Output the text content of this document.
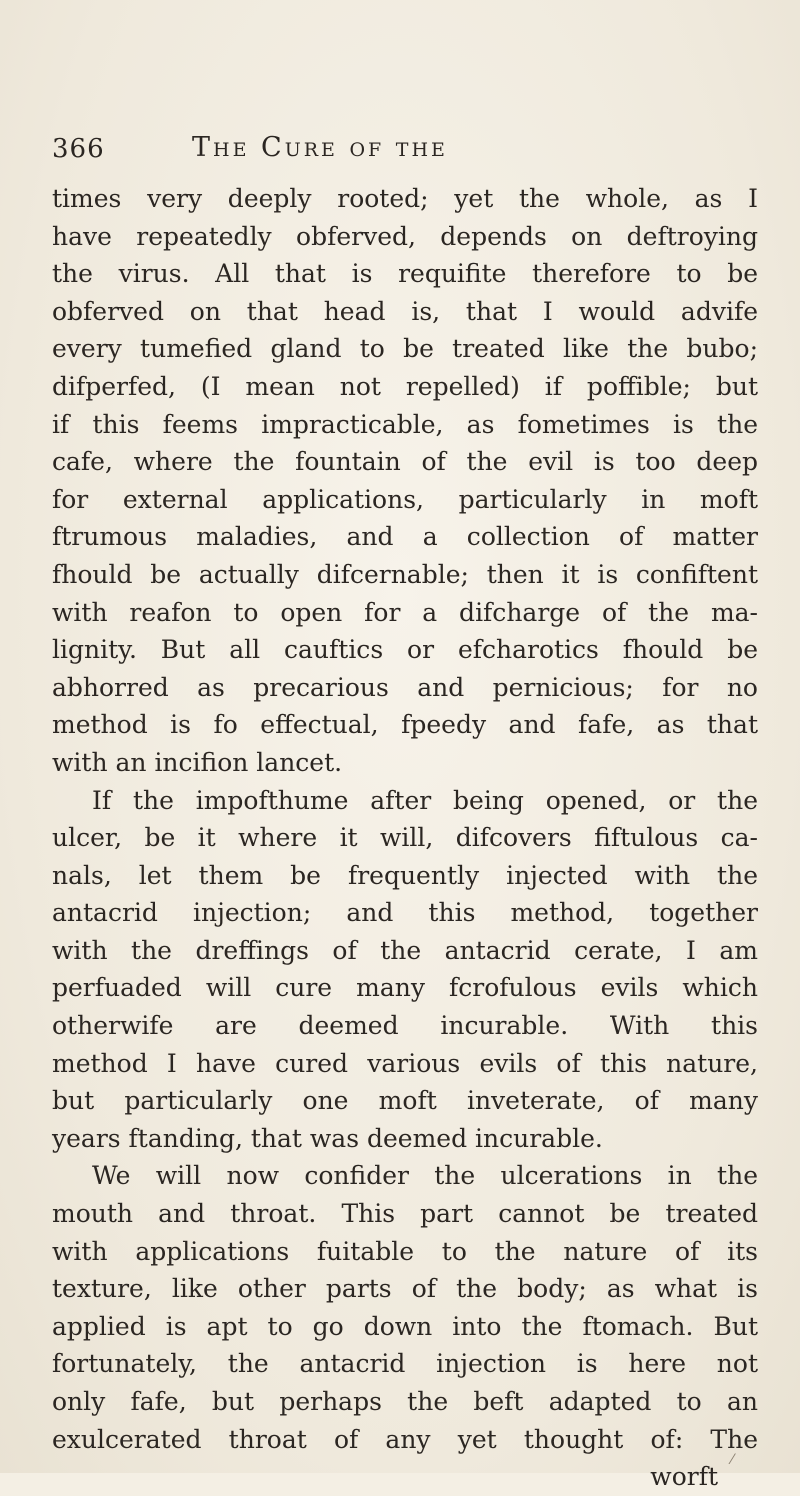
366	The Cure of the
times very deeply rooted; yet the whole, as I
have repeatedly obferved, depends on deftroying
the virus. All that is requifite therefore to be
obferved on that head is, that I would advife
every tumefied gland to be treated like the bubo;
difperfed, (I mean not repelled) if poffible; but
if this feems impracticable, as fometimes is the
cafe, where the fountain of the evil is too deep
for external applications, particularly in moft
ftrumous maladies, and a collection of matter
fhould be actually difcernable; then it is confiftent
with reafon to open for a difcharge of the ma-
lignity. But all cauftics or efcharotics fhould be
abhorred as precarious and pernicious; for no
method is fo effectual, fpeedy and fafe, as that
with an incifion lancet.
If the impofthume after being opened, or the
ulcer, be it where it will, difcovers fiftulous ca-
nals, let them be frequently injected with the
antacrid injection; and this method, together
with the dreffings of the antacrid cerate, I am
perfuaded will cure many fcrofulous evils which
otherwife are deemed incurable. With this
method I have cured various evils of this nature,
but particularly one moft inveterate, of many
years ftanding, that was deemed incurable.
We will now confider the ulcerations in the
mouth and throat. This part cannot be treated
with applications fuitable to the nature of its
texture, like other parts of the body; as what is
applied is apt to go down into the ftomach. But
fortunately, the antacrid injection is here not
only fafe, but perhaps the beft adapted to an
exulcerated throat of any yet thought of: The
worft
⁄
